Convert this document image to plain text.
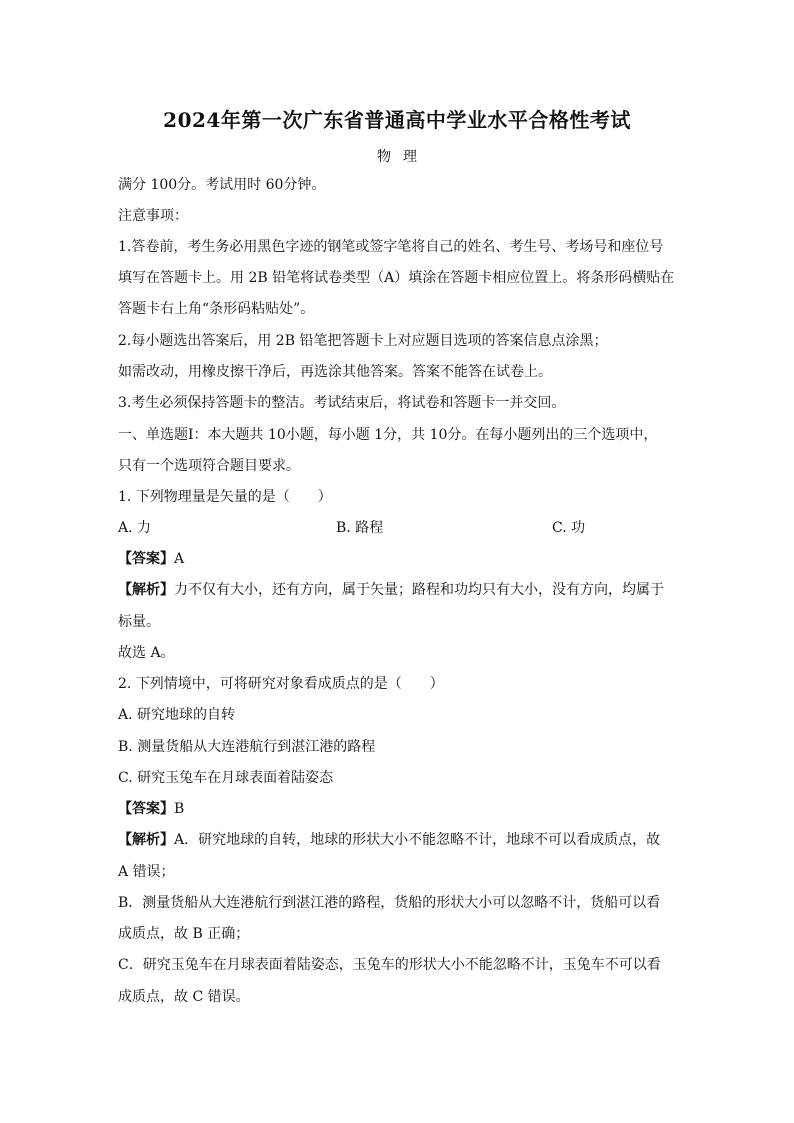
2024年第一次广东省普通高中学业水平合格性考试
物理
满分 100分。考试用时 60分钟。
注意事项：
1.答卷前，考生务必用黑色字迹的钢笔或签字笔将自己的姓名、考生号、考场号和座位号
填写在答题卡上。用 2B 铅笔将试卷类型（A）填涂在答题卡相应位置上。将条形码横贴在
答题卡右上角“条形码粘贴处”。
2.每小题选出答案后，用 2B 铅笔把答题卡上对应题目选项的答案信息点涂黑；
如需改动，用橡皮擦干净后，再选涂其他答案。答案不能答在试卷上。
3.考生必须保持答题卡的整洁。考试结束后，将试卷和答题卡一并交回。
一、单选题Ⅰ：本大题共 10小题，每小题 1分，共 10分。在每小题列出的三个选项中，
只有一个选项符合题目要求。
1. 下列物理量是矢量的是（　　）
A. 力	B. 路程	C. 功
【答案】A
【解析】力不仅有大小，还有方向，属于矢量；路程和功均只有大小，没有方向，均属于
标量。
故选 A。
2. 下列情境中，可将研究对象看成质点的是（　　）
A. 研究地球的自转
B. 测量货船从大连港航行到湛江港的路程
C. 研究玉兔车在月球表面着陆姿态
【答案】B
【解析】A．研究地球的自转，地球的形状大小不能忽略不计，地球不可以看成质点，故
A 错误；
B．测量货船从大连港航行到湛江港的路程，货船的形状大小可以忽略不计，货船可以看
成质点，故 B 正确；
C．研究玉兔车在月球表面着陆姿态，玉兔车的形状大小不能忽略不计，玉兔车不可以看
成质点，故 C 错误。
